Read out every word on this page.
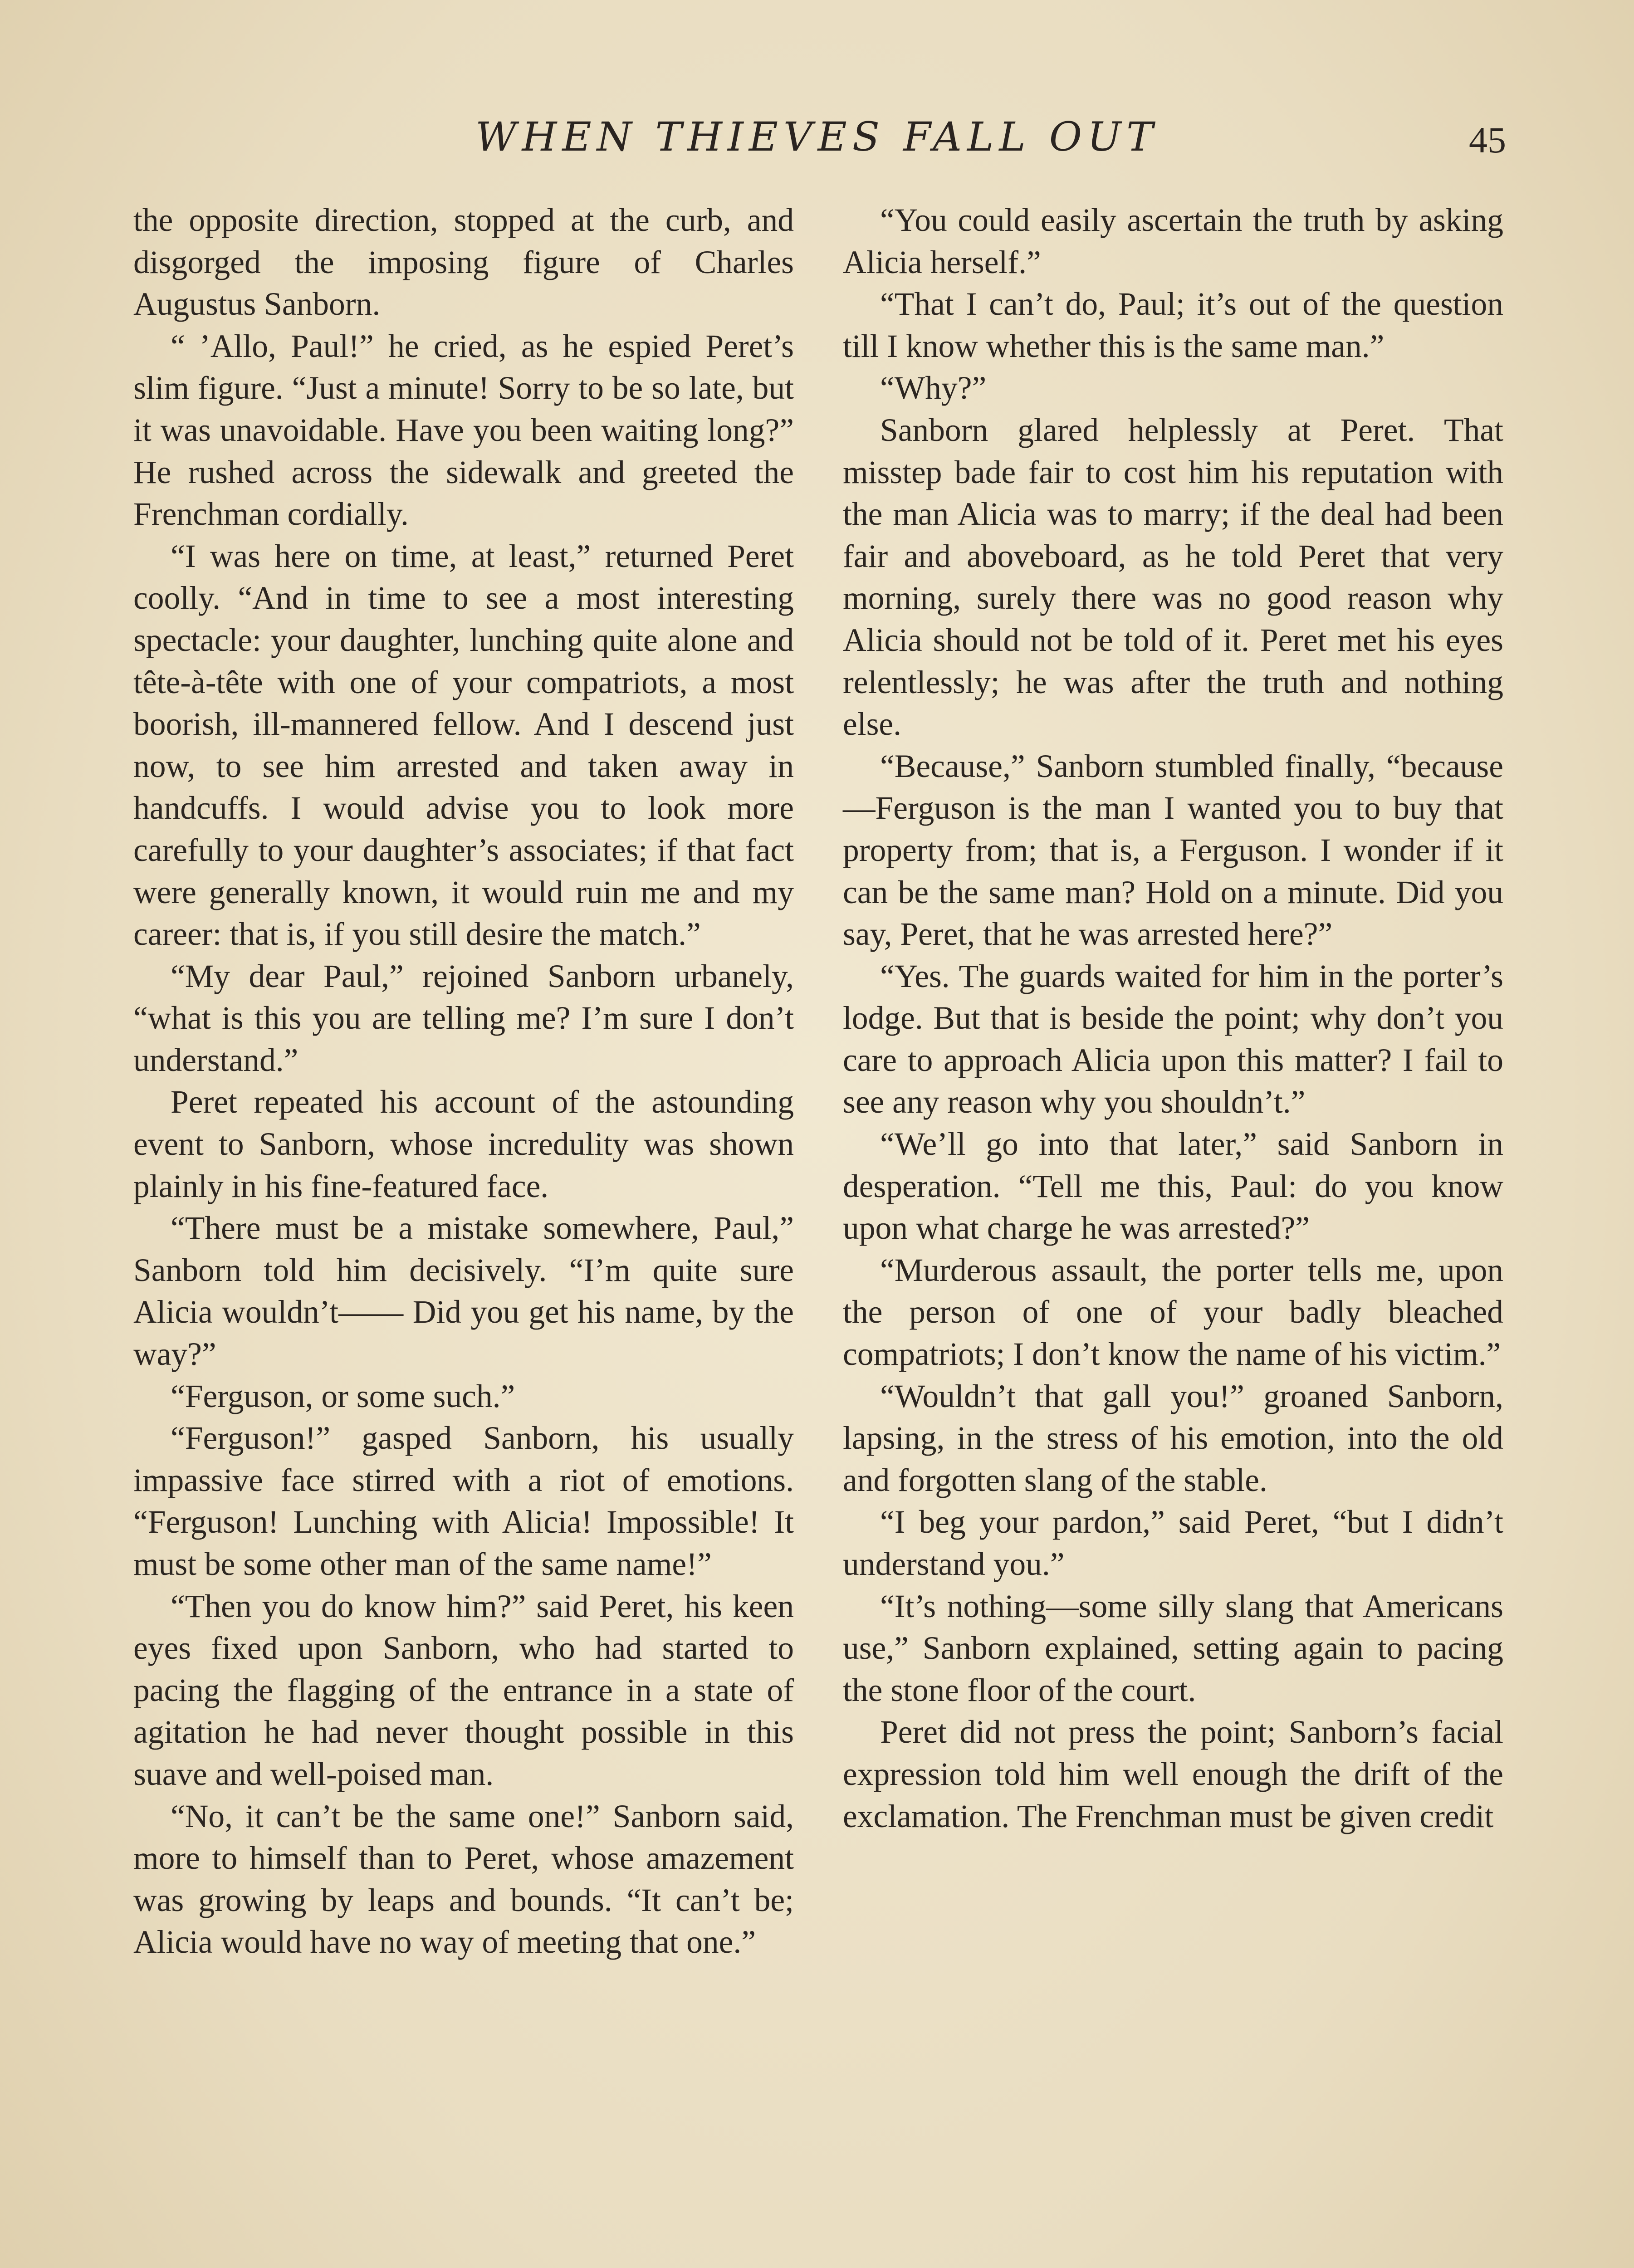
WHEN THIEVES FALL OUT	45

the opposite direction, stopped at the curb, and disgorged the imposing figure of Charles Augustus Sanborn.

“ ’Allo, Paul!” he cried, as he espied Peret’s slim figure. “Just a minute! Sorry to be so late, but it was unavoidable. Have you been waiting long?” He rushed across the sidewalk and greeted the Frenchman cordially.

“I was here on time, at least,” returned Peret coolly. “And in time to see a most interesting spectacle: your daughter, lunching quite alone and tête-à-tête with one of your compatriots, a most boorish, ill-mannered fellow. And I descend just now, to see him arrested and taken away in handcuffs. I would advise you to look more carefully to your daughter’s associates; if that fact were generally known, it would ruin me and my career: that is, if you still desire the match.”

“My dear Paul,” rejoined Sanborn urbanely, “what is this you are telling me? I’m sure I don’t understand.”

Peret repeated his account of the astounding event to Sanborn, whose incredulity was shown plainly in his fine-featured face.

“There must be a mistake somewhere, Paul,” Sanborn told him decisively. “I’m quite sure Alicia wouldn’t—— Did you get his name, by the way?”

“Ferguson, or some such.”

“Ferguson!” gasped Sanborn, his usually impassive face stirred with a riot of emotions. “Ferguson! Lunching with Alicia! Impossible! It must be some other man of the same name!”

“Then you do know him?” said Peret, his keen eyes fixed upon Sanborn, who had started to pacing the flagging of the entrance in a state of agitation he had never thought possible in this suave and well-poised man.

“No, it can’t be the same one!” Sanborn said, more to himself than to Peret, whose amazement was growing by leaps and bounds. “It can’t be; Alicia would have no way of meeting that one.”

“You could easily ascertain the truth by asking Alicia herself.”

“That I can’t do, Paul; it’s out of the question till I know whether this is the same man.”

“Why?”

Sanborn glared helplessly at Peret. That misstep bade fair to cost him his reputation with the man Alicia was to marry; if the deal had been fair and aboveboard, as he told Peret that very morning, surely there was no good reason why Alicia should not be told of it. Peret met his eyes relentlessly; he was after the truth and nothing else.

“Because,” Sanborn stumbled finally, “because—Ferguson is the man I wanted you to buy that property from; that is, a Ferguson. I wonder if it can be the same man? Hold on a minute. Did you say, Peret, that he was arrested here?”

“Yes. The guards waited for him in the porter’s lodge. But that is beside the point; why don’t you care to approach Alicia upon this matter? I fail to see any reason why you shouldn’t.”

“We’ll go into that later,” said Sanborn in desperation. “Tell me this, Paul: do you know upon what charge he was arrested?”

“Murderous assault, the porter tells me, upon the person of one of your badly bleached compatriots; I don’t know the name of his victim.”

“Wouldn’t that gall you!” groaned Sanborn, lapsing, in the stress of his emotion, into the old and forgotten slang of the stable.

“I beg your pardon,” said Peret, “but I didn’t understand you.”

“It’s nothing—some silly slang that Americans use,” Sanborn explained, setting again to pacing the stone floor of the court.

Peret did not press the point; Sanborn’s facial expression told him well enough the drift of the exclamation. The Frenchman must be given credit
